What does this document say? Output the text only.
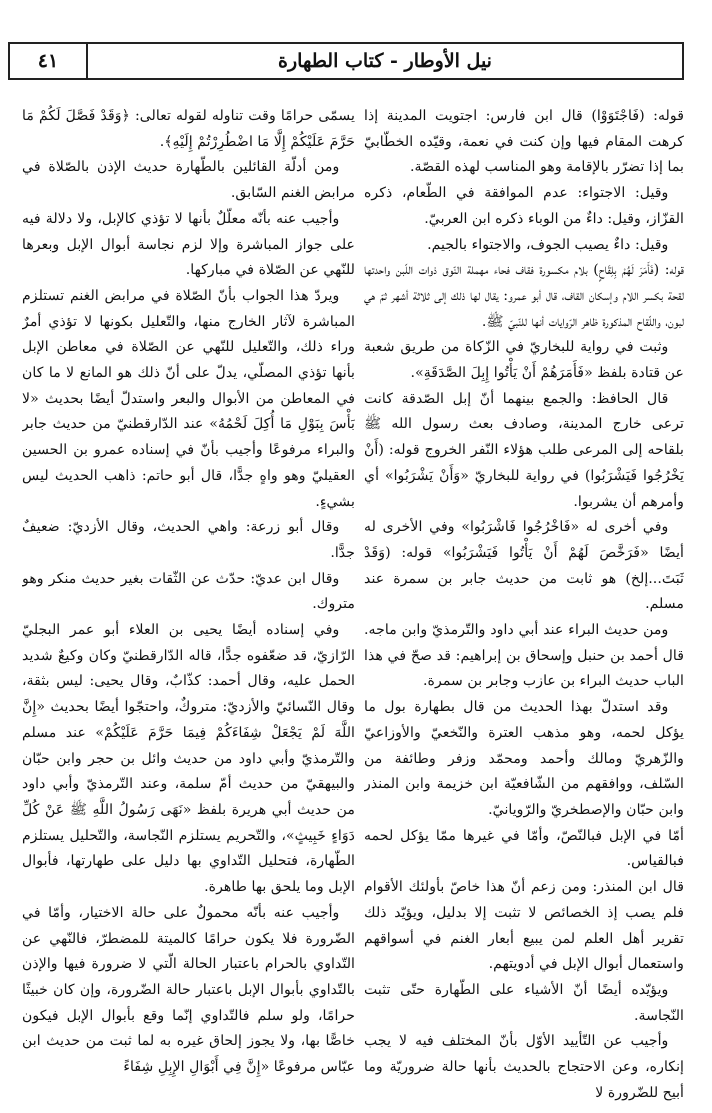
٤١	نيل الأوطار - كتاب الطهارة

قوله: (فَاجْتَوَوْا) قال ابن فارس: اجتويت المدينة إذا كرهت المقام فيها وإن كنت في نعمة، وقيّده الخطّابيّ بما إذا تضرّر بالإقامة وهو المناسب لهذه القصّة.

وقيل: الاجتواء: عدم الموافقة في الطّعام، ذكره القزّاز، وقيل: داءٌ من الوباء ذكره ابن العربيّ.

وقيل: داءٌ يصيب الجوف، والاجتواء بالجيم.

قوله: (فَأَمَرَ لَهُمْ بِلِقَاحٍ) بلام مكسورة فقاف فحاء مهملة النّوق ذوات اللّبن واحدتها لقحة بكسر اللام وإسكان القاف، قال أبو عمرو: يقال لها ذلك إلى ثلاثة أشهر ثمّ هي لبون، واللّقاح المذكورة ظاهر الرّوايات أنها للنّبيّ ﷺ.

وثبت في رواية للبخاريّ في الزّكاة من طريق شعبة عن قتادة بلفظ «فَأَمَرَهُمْ أَنْ يَأْتُوا إِبِلَ الصَّدَقَةِ».

قال الحافظ: والجمع بينهما أنّ إبل الصّدقة كانت ترعى خارج المدينة، وصادف بعث رسول الله ﷺ بلقاحه إلى المرعى طلب هؤلاء النّفر الخروج قوله: (أَنْ يَخْرُجُوا فَيَشْرَبُوا) في رواية للبخاريّ «وَأَنْ يَشْرَبُوا» أي وأمرهم أن يشربوا.

وفي أخرى له «فَاخْرُجُوا فَاشْرَبُوا» وفي الأخرى له أيضًا «فَرَخَّصَ لَهُمْ أَنْ يَأْتُوا فَيَشْرَبُوا» قوله: (وَقَدْ ثَبَتَ...إلخ) هو ثابت من حديث جابر بن سمرة عند مسلم.

ومن حديث البراء عند أبي داود والتّرمذيّ وابن ماجه. قال أحمد بن حنبل وإسحاق بن إبراهيم: قد صحّ في هذا الباب حديث البراء بن عازب وجابر بن سمرة.

وقد استدلّ بهذا الحديث من قال بطهارة بول ما يؤكل لحمه، وهو مذهب العترة والنّخعيّ والأوزاعيّ والزّهريّ ومالك وأحمد ومحمّد وزفر وطائفة من السّلف، ووافقهم من الشّافعيّة ابن خزيمة وابن المنذر وابن حبّان والإصطخريّ والرّويانيّ.

أمّا في الإبل فبالنّصّ، وأمّا في غيرها ممّا يؤكل لحمه فبالقياس.

قال ابن المنذر: ومن زعم أنّ هذا خاصّ بأولئك الأقوام فلم يصب إذ الخصائص لا تثبت إلا بدليل، ويؤيّد ذلك تقرير أهل العلم لمن يبيع أبعار الغنم في أسواقهم واستعمال أبوال الإبل في أدويتهم.

ويؤيّده أيضًا أنّ الأشياء على الطّهارة حتّى تثبت النّجاسة.

وأجيب عن التّأييد الأوّل بأنّ المختلف فيه لا يجب إنكاره، وعن الاحتجاج بالحديث بأنها حالة ضروريّة وما أبيح للضّرورة لا

يسمّى حرامًا وقت تناوله لقوله تعالى: ﴿وَقَدْ فَصَّلَ لَكُمْ مَا حَرَّمَ عَلَيْكُمْ إِلَّا مَا اضْطُرِرْتُمْ إِلَيْهِ﴾.

ومن أدلّة القائلين بالطّهارة حديث الإذن بالصّلاة في مرابض الغنم السّابق.

وأجيب عنه بأنّه معلّلٌ بأنها لا تؤذي كالإبل، ولا دلالة فيه على جواز المباشرة وإلا لزم نجاسة أبوال الإبل وبعرها للنّهي عن الصّلاة في مباركها.

ويردّ هذا الجواب بأنّ الصّلاة في مرابض الغنم تستلزم المباشرة لآثار الخارج منها، والتّعليل بكونها لا تؤذي أمرٌ وراء ذلك، والتّعليل للنّهي عن الصّلاة في معاطن الإبل بأنها تؤذي المصلّي، يدلّ على أنّ ذلك هو المانع لا ما كان في المعاطن من الأبوال والبعر واستدلّ أيضًا بحديث «لا بَأْسَ بِبَوْلِ مَا أُكِلَ لَحْمُهُ» عند الدّارقطنيّ من حديث جابر والبراء مرفوعًا وأجيب بأنّ في إسناده عمرو بن الحسين العقيليّ وهو واهٍ جدًّا، قال أبو حاتم: ذاهب الحديث ليس بشيءٍ.

وقال أبو زرعة: واهي الحديث، وقال الأزديّ: ضعيفٌ جدًّا.

وقال ابن عديّ: حدّث عن الثّقات بغير حديث منكر وهو متروك.

وفي إسناده أيضًا يحيى بن العلاء أبو عمر البجليّ الرّازيّ، قد ضعّفوه جدًّا، قاله الدّارقطنيّ وكان وكيعٌ شديد الحمل عليه، وقال أحمد: كذّابٌ، وقال يحيى: ليس بثقة، وقال النّسائيّ والأزديّ: متروكٌ، واحتجّوا أيضًا بحديث «إِنَّ اللَّهَ لَمْ يَجْعَلْ شِفَاءَكُمْ فِيمَا حَرَّمَ عَلَيْكُمْ» عند مسلم والتّرمذيّ وأبي داود من حديث وائل بن حجر وابن حبّان والبيهقيّ من حديث أمّ سلمة، وعند التّرمذيّ وأبي داود من حديث أبي هريرة بلفظ «نَهَى رَسُولُ اللَّهِ ﷺ عَنْ كُلِّ دَوَاءٍ خَبِيثٍ»، والتّحريم يستلزم النّجاسة، والتّحليل يستلزم الطّهارة، فتحليل التّداوي بها دليل على طهارتها، فأبوال الإبل وما يلحق بها طاهرة.

وأجيب عنه بأنّه محمولٌ على حالة الاختيار، وأمّا في الضّرورة فلا يكون حرامًا كالميتة للمضطرّ، فالنّهي عن التّداوي بالحرام باعتبار الحالة الّتي لا ضرورة فيها والإذن بالتّداوي بأبوال الإبل باعتبار حالة الضّرورة، وإن كان خبيثًا حرامًا، ولو سلم فالتّداوي إنّما وقع بأبوال الإبل فيكون خاصًّا بها، ولا يجوز إلحاق غيره به لما ثبت من حديث ابن عبّاس مرفوعًا «إِنَّ فِي أَبْوَالِ الإِبِلِ شِفَاءً
